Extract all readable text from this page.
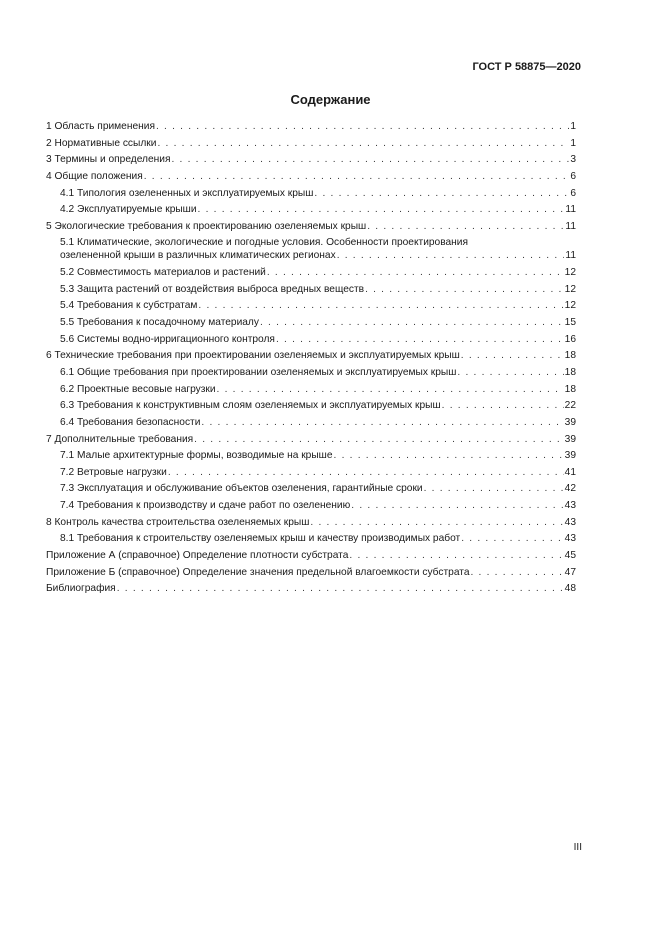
ГОСТ Р 58875—2020
Содержание
1 Область применения . . .	1
2 Нормативные ссылки . . .	1
3 Термины и определения . . .	3
4 Общие положения . . .	6
4.1 Типология озелененных и эксплуатируемых крыш . . .	6
4.2 Эксплуатируемые крыши . . .	11
5 Экологические требования к проектированию озеленяемых крыш . . .	11
5.1 Климатические, экологические и погодные условия. Особенности проектирования
озелененной крыши в различных климатических регионах . . .	11
5.2 Совместимость материалов и растений . . .	12
5.3 Защита растений от воздействия выброса вредных веществ . . .	12
5.4 Требования к субстратам . . .	12
5.5 Требования к посадочному материалу . . .	15
5.6 Системы водно-ирригационного контроля . . .	16
6 Технические требования при проектировании озеленяемых и эксплуатируемых крыш . . .	18
6.1 Общие требования при проектировании озеленяемых и эксплуатируемых крыш . . .	18
6.2 Проектные весовые нагрузки . . .	18
6.3 Требования к конструктивным слоям озеленяемых и эксплуатируемых крыш . . .	22
6.4 Требования безопасности . . .	39
7 Дополнительные требования . . .	39
7.1 Малые архитектурные формы, возводимые на крыше . . .	39
7.2 Ветровые нагрузки . . .	41
7.3 Эксплуатация и обслуживание объектов озеленения, гарантийные сроки . . .	42
7.4 Требования к производству и сдаче работ по озеленению . . .	43
8 Контроль качества строительства озеленяемых крыш . . .	43
8.1 Требования к строительству озеленяемых крыш и качеству производимых работ . . .	43
Приложение А (справочное) Определение плотности субстрата . . .	45
Приложение Б (справочное) Определение значения предельной влагоемкости субстрата . . .	47
Библиография . . .	48
III
